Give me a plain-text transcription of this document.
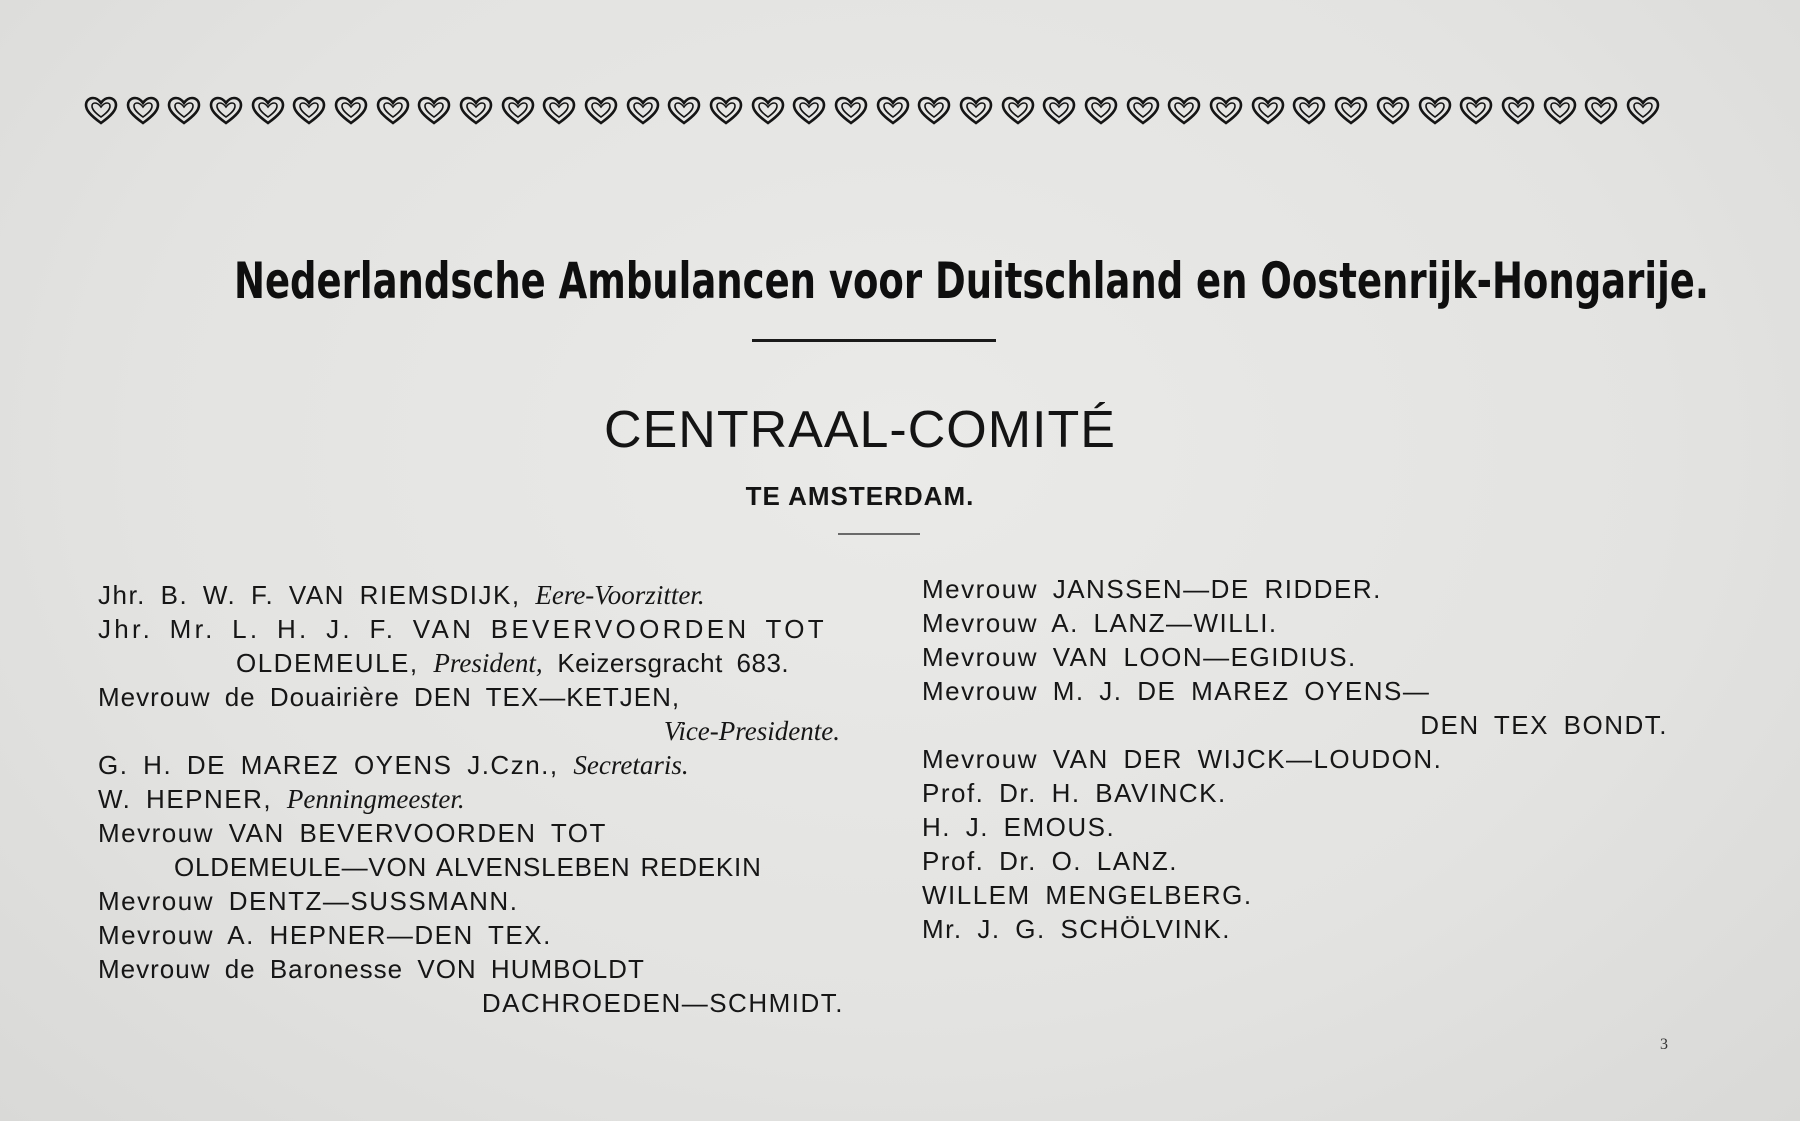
Nederlandsche Ambulancen voor Duitschland en Oostenrijk-Hongarije.
CENTRAAL-COMITÉ
TE AMSTERDAM.
Jhr. B. W. F. VAN RIEMSDIJK, Eere-Voorzitter.
Jhr. Mr. L. H. J. F. VAN BEVERVOORDEN TOT
OLDEMEULE, President, Keizersgracht 683.
Mevrouw de Douairière DEN TEX—KETJEN,
Vice-Presidente.
G. H. DE MAREZ OYENS J.Czn., Secretaris.
W. HEPNER, Penningmeester.
Mevrouw VAN BEVERVOORDEN TOT
OLDEMEULE—VON ALVENSLEBEN REDEKIN
Mevrouw DENTZ—SUSSMANN.
Mevrouw A. HEPNER—DEN TEX.
Mevrouw de Baronesse VON HUMBOLDT
DACHROEDEN—SCHMIDT.
Mevrouw JANSSEN—DE RIDDER.
Mevrouw A. LANZ—WILLI.
Mevrouw VAN LOON—EGIDIUS.
Mevrouw M. J. DE MAREZ OYENS—
DEN TEX BONDT.
Mevrouw VAN DER WIJCK—LOUDON.
Prof. Dr. H. BAVINCK.
H. J. EMOUS.
Prof. Dr. O. LANZ.
WILLEM MENGELBERG.
Mr. J. G. SCHÖLVINK.
3
